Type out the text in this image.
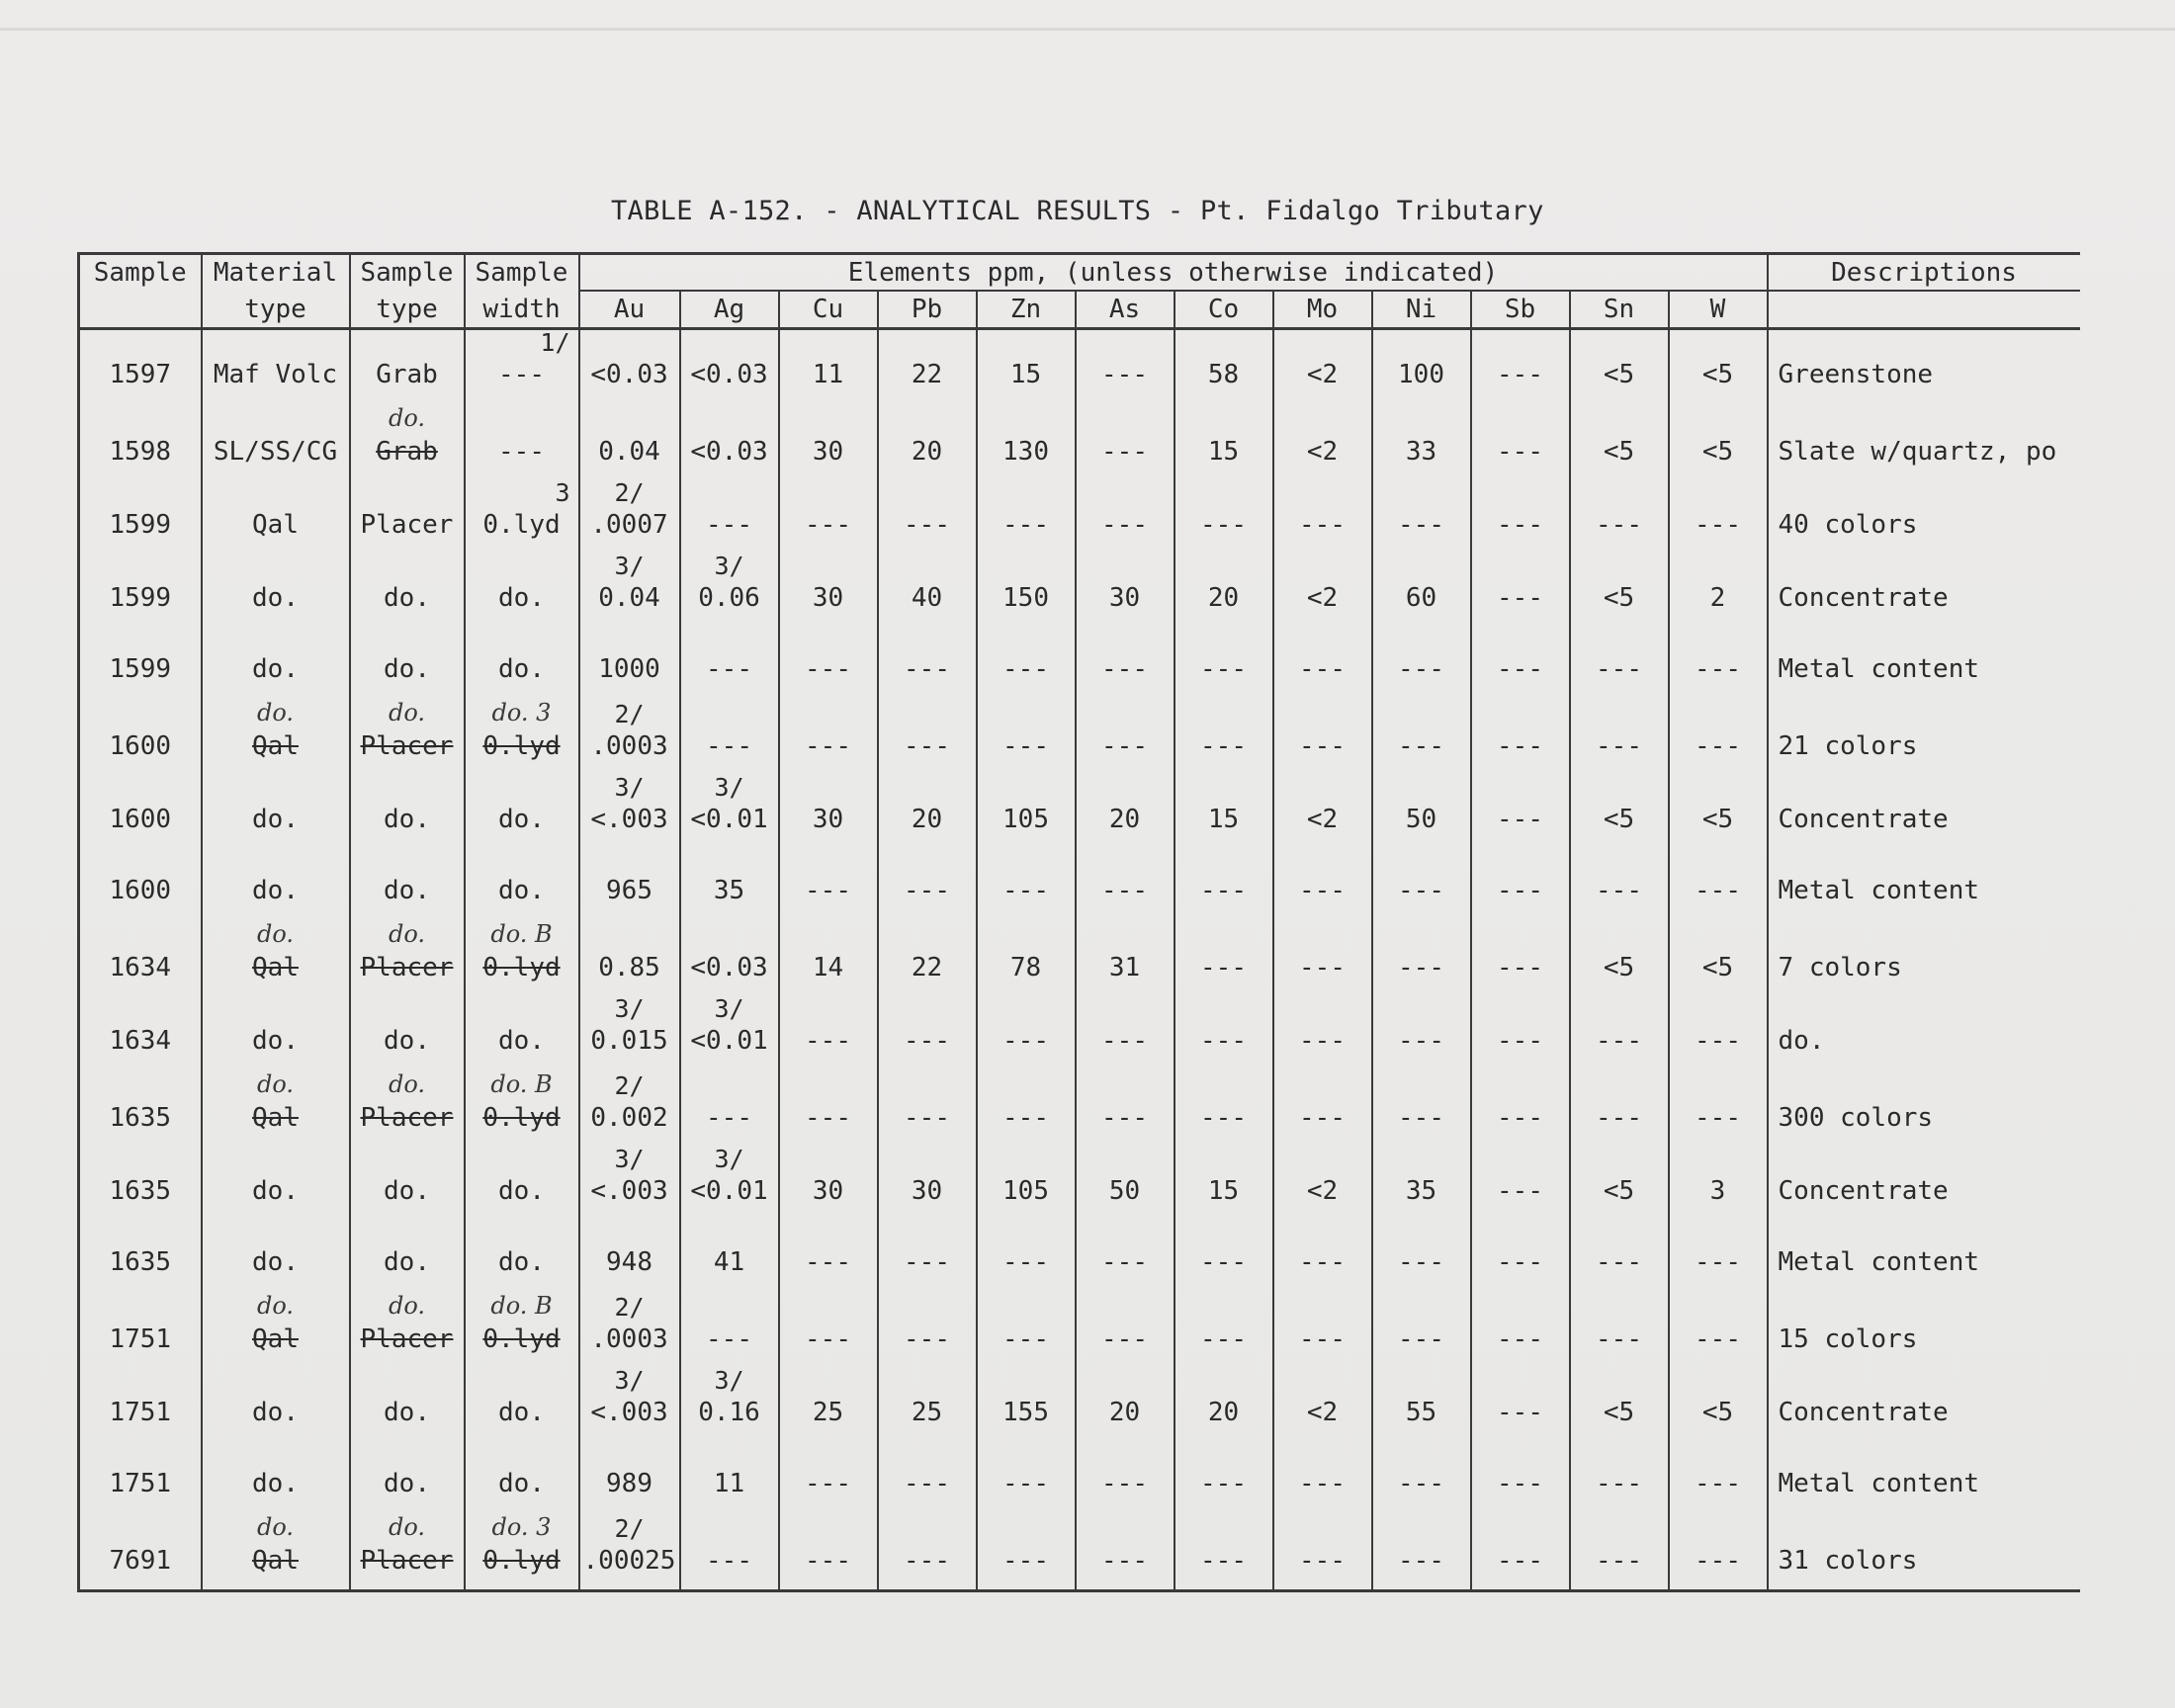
TABLE A-152. - ANALYTICAL RESULTS - Pt. Fidalgo Tributary
Sample	Material	Sample	Sample	Elements ppm, (unless otherwise indicated)												Descriptions
	type	type	width	Au	Ag	Cu	Pb	Zn	As	Co	Mo	Ni	Sb	Sn	W	

			1/													

1597	Maf Volc	Grab	---	<0.03	<0.03	11	22	15	---	58	<2	100	---	<5	<5	Greenstone
		do.														
1598	SL/SS/CG	Grab	---	0.04	<0.03	30	20	130	---	15	<2	33	---	<5	<5	Slate w/quartz, po

			3	2/												

1599	Qal	Placer	0.lyd	.0007	---	---	---	---	---	---	---	---	---	---	---	40 colors

				3/	3/											

1599	do.	do.	do.	0.04	0.06	30	40	150	30	20	<2	60	---	<5	2	Concentrate

1599	do.	do.	do.	1000	---	---	---	---	---	---	---	---	---	---	---	Metal content
	do.	do.	do. 3	2/												

1600	Qal	Placer	0.lyd	.0003	---	---	---	---	---	---	---	---	---	---	---	21 colors

				3/	3/											

1600	do.	do.	do.	<.003	<0.01	30	20	105	20	15	<2	50	---	<5	<5	Concentrate

1600	do.	do.	do.	965	35	---	---	---	---	---	---	---	---	---	---	Metal content
	do.	do.	do. B													
1634	Qal	Placer	0.lyd	0.85	<0.03	14	22	78	31	---	---	---	---	<5	<5	7 colors

				3/	3/											

1634	do.	do.	do.	0.015	<0.01	---	---	---	---	---	---	---	---	---	---	do.
	do.	do.	do. B	2/												

1635	Qal	Placer	0.lyd	0.002	---	---	---	---	---	---	---	---	---	---	---	300 colors

				3/	3/											

1635	do.	do.	do.	<.003	<0.01	30	30	105	50	15	<2	35	---	<5	3	Concentrate

1635	do.	do.	do.	948	41	---	---	---	---	---	---	---	---	---	---	Metal content
	do.	do.	do. B	2/												

1751	Qal	Placer	0.lyd	.0003	---	---	---	---	---	---	---	---	---	---	---	15 colors

				3/	3/											

1751	do.	do.	do.	<.003	0.16	25	25	155	20	20	<2	55	---	<5	<5	Concentrate

1751	do.	do.	do.	989	11	---	---	---	---	---	---	---	---	---	---	Metal content
	do.	do.	do. 3	2/												

7691	Qal	Placer	0.lyd	.00025	---	---	---	---	---	---	---	---	---	---	---	31 colors
